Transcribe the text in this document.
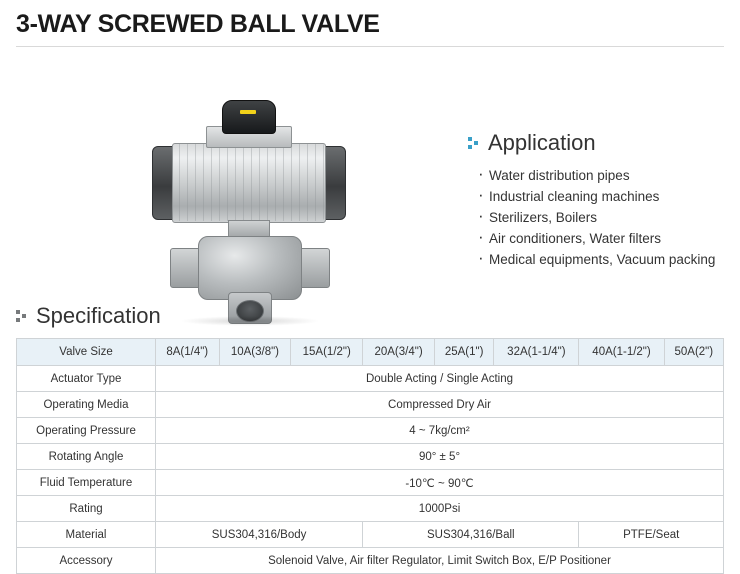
3-WAY SCREWED BALL VALVE
Application
· Water distribution pipes
· Industrial cleaning machines
· Sterilizers, Boilers
· Air conditioners, Water filters
· Medical equipments, Vacuum packing
Specification
Valve Size	8A(1/4")	10A(3/8")	15A(1/2")	20A(3/4")	25A(1")	32A(1-1/4")	40A(1-1/2")	50A(2")
Actuator Type	Double Acting / Single Acting							
Operating Media	Compressed Dry Air							
Operating Pressure	4 ~ 7kg/cm²							
Rotating Angle	90° ± 5°							
Fluid Temperature	-10℃ ~ 90℃							
Rating	1000Psi							
Material	SUS304,316/Body			SUS304,316/Ball			PTFE/Seat	
Accessory	Solenoid Valve, Air filter Regulator, Limit Switch Box, E/P Positioner							
